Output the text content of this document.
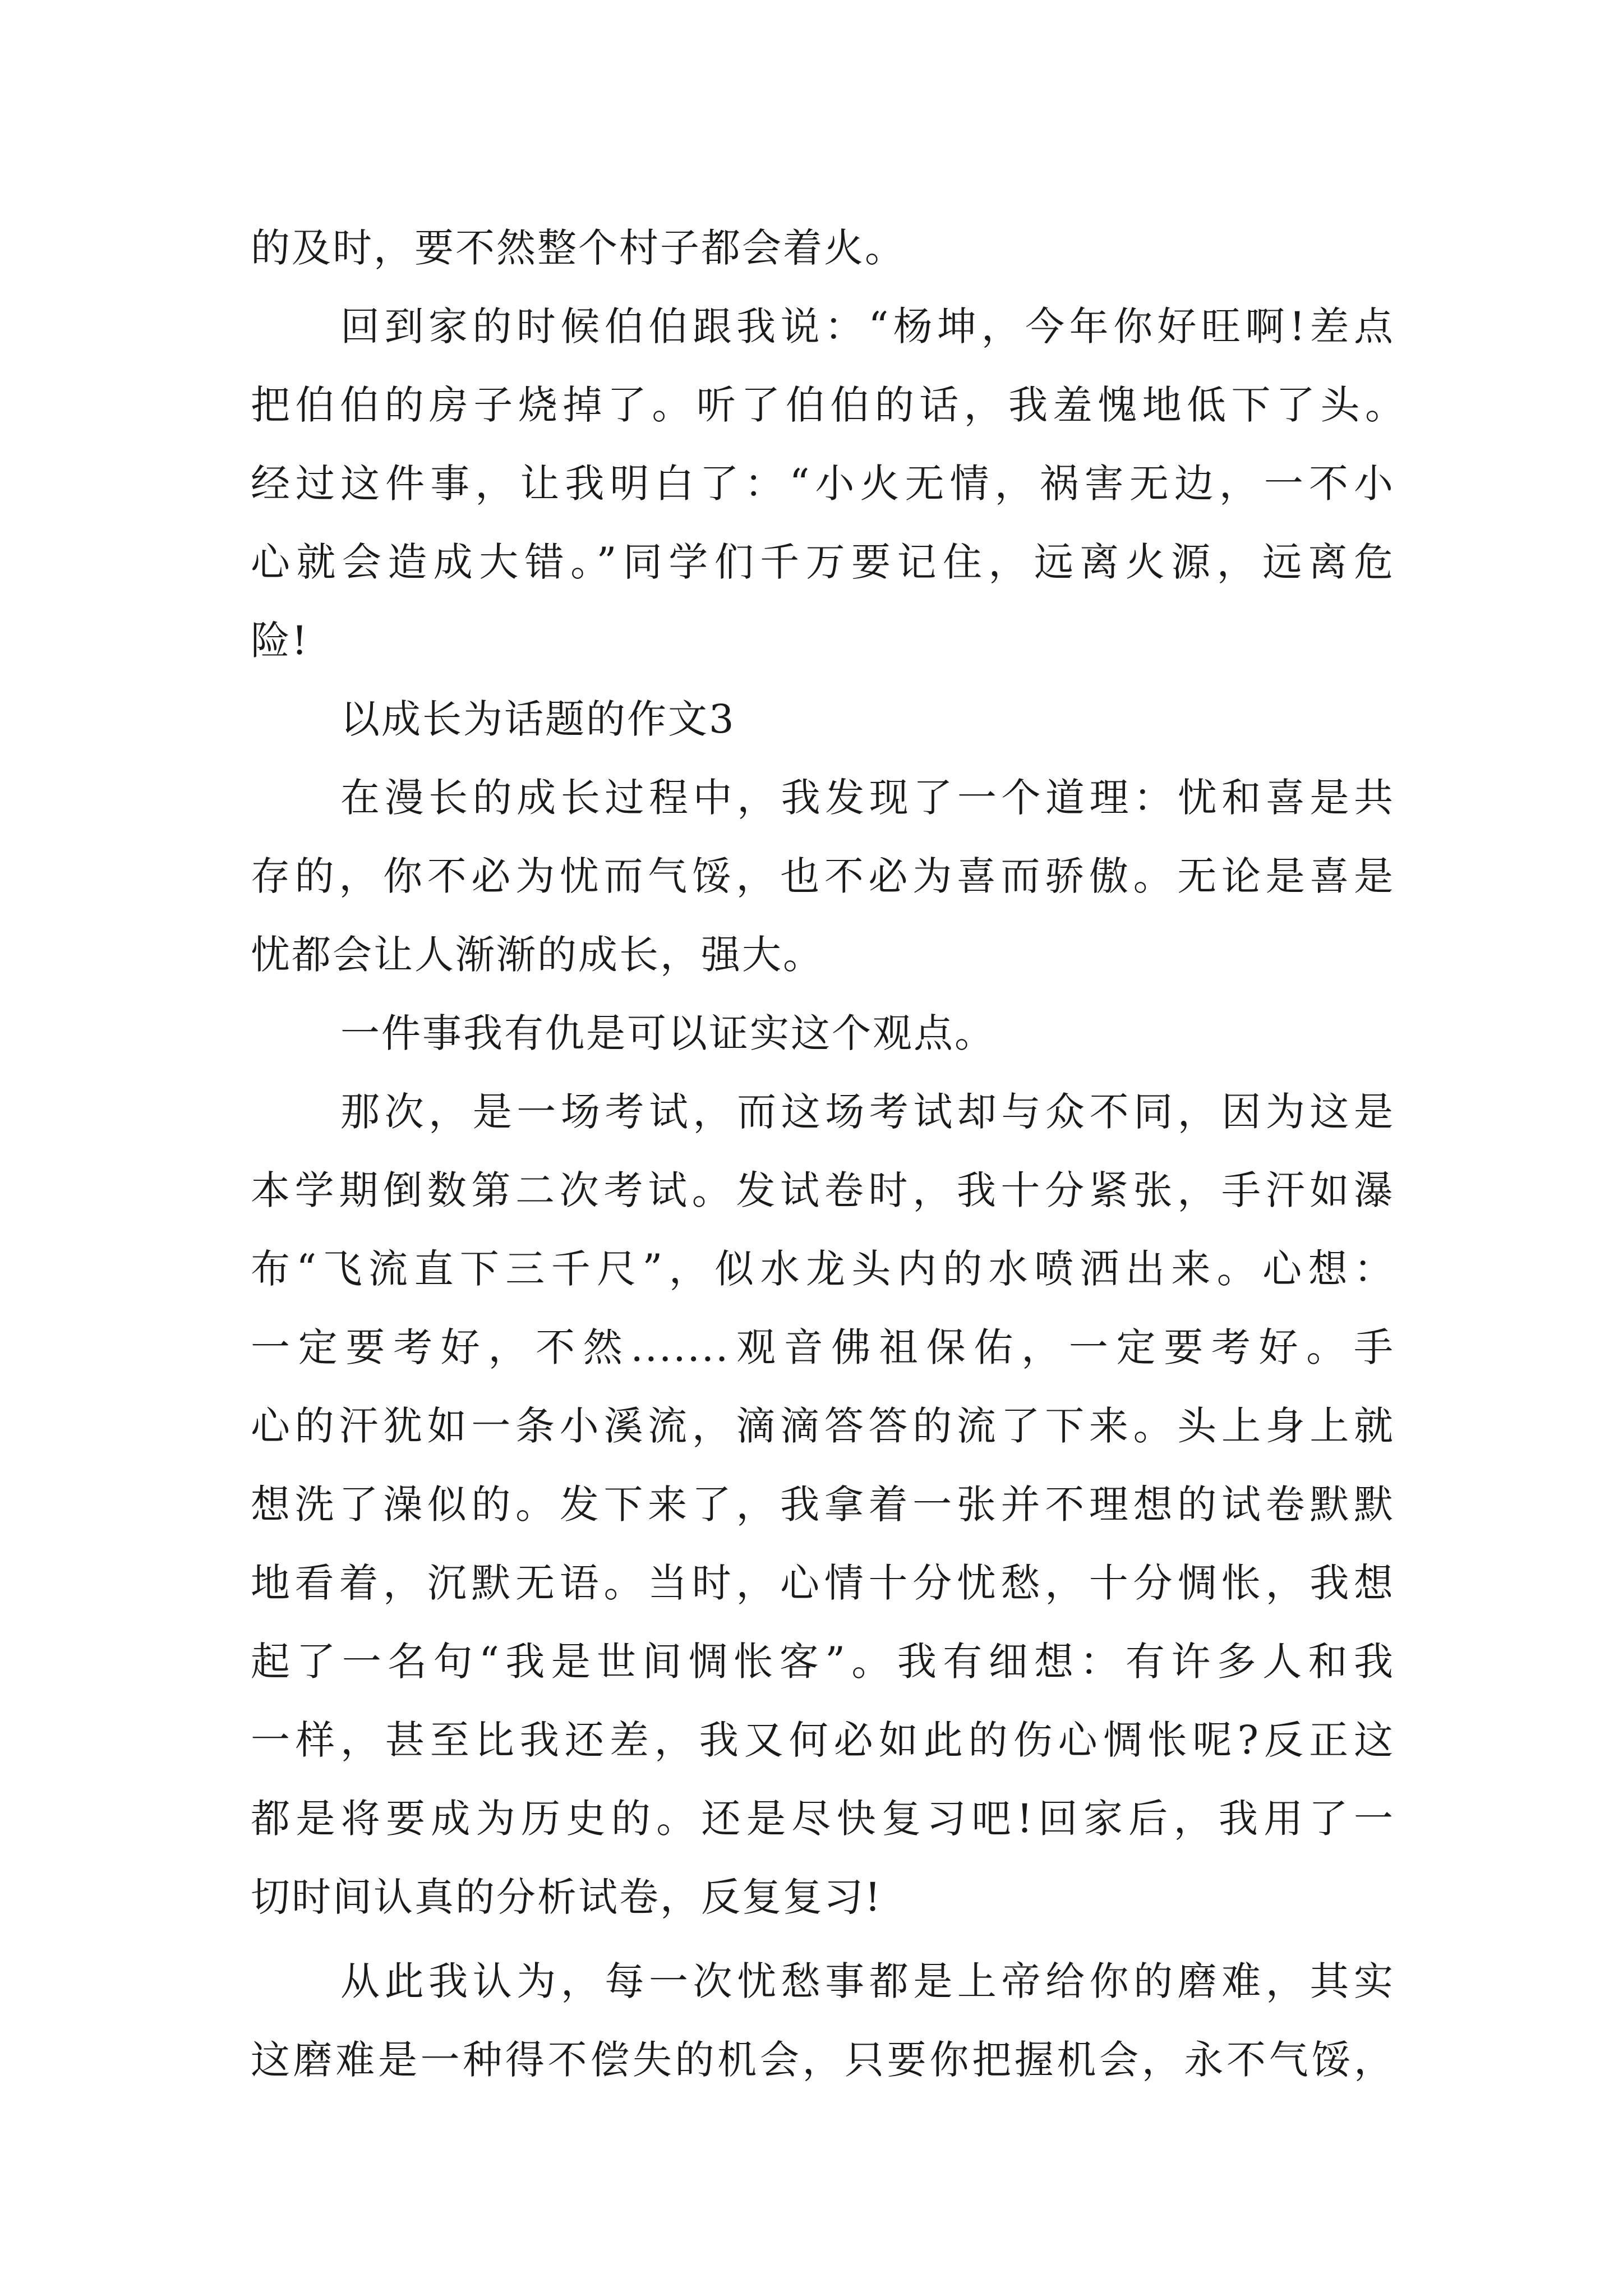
的及时，要不然整个村子都会着火。
回到家的时候伯伯跟我说：“杨坤，今年你好旺啊!差点
把伯伯的房子烧掉了。听了伯伯的话，我羞愧地低下了头。
经过这件事，让我明白了：“小火无情，祸害无边，一不小
心就会造成大错。”同学们千万要记住，远离火源，远离危
险!
以成长为话题的作文3
在漫长的成长过程中，我发现了一个道理：忧和喜是共
存的，你不必为忧而气馁，也不必为喜而骄傲。无论是喜是
忧都会让人渐渐的成长，强大。
一件事我有仇是可以证实这个观点。
那次，是一场考试，而这场考试却与众不同，因为这是
本学期倒数第二次考试。发试卷时，我十分紧张，手汗如瀑
布“飞流直下三千尺”，似水龙头内的水喷洒出来。心想：
一定要考好，不然.......观音佛祖保佑，一定要考好。手
心的汗犹如一条小溪流，滴滴答答的流了下来。头上身上就
想洗了澡似的。发下来了，我拿着一张并不理想的试卷默默
地看着，沉默无语。当时，心情十分忧愁，十分惆怅，我想
起了一名句“我是世间惆怅客”。我有细想：有许多人和我
一样，甚至比我还差，我又何必如此的伤心惆怅呢?反正这
都是将要成为历史的。还是尽快复习吧!回家后，我用了一
切时间认真的分析试卷，反复复习!
从此我认为，每一次忧愁事都是上帝给你的磨难，其实
这磨难是一种得不偿失的机会，只要你把握机会，永不气馁，
